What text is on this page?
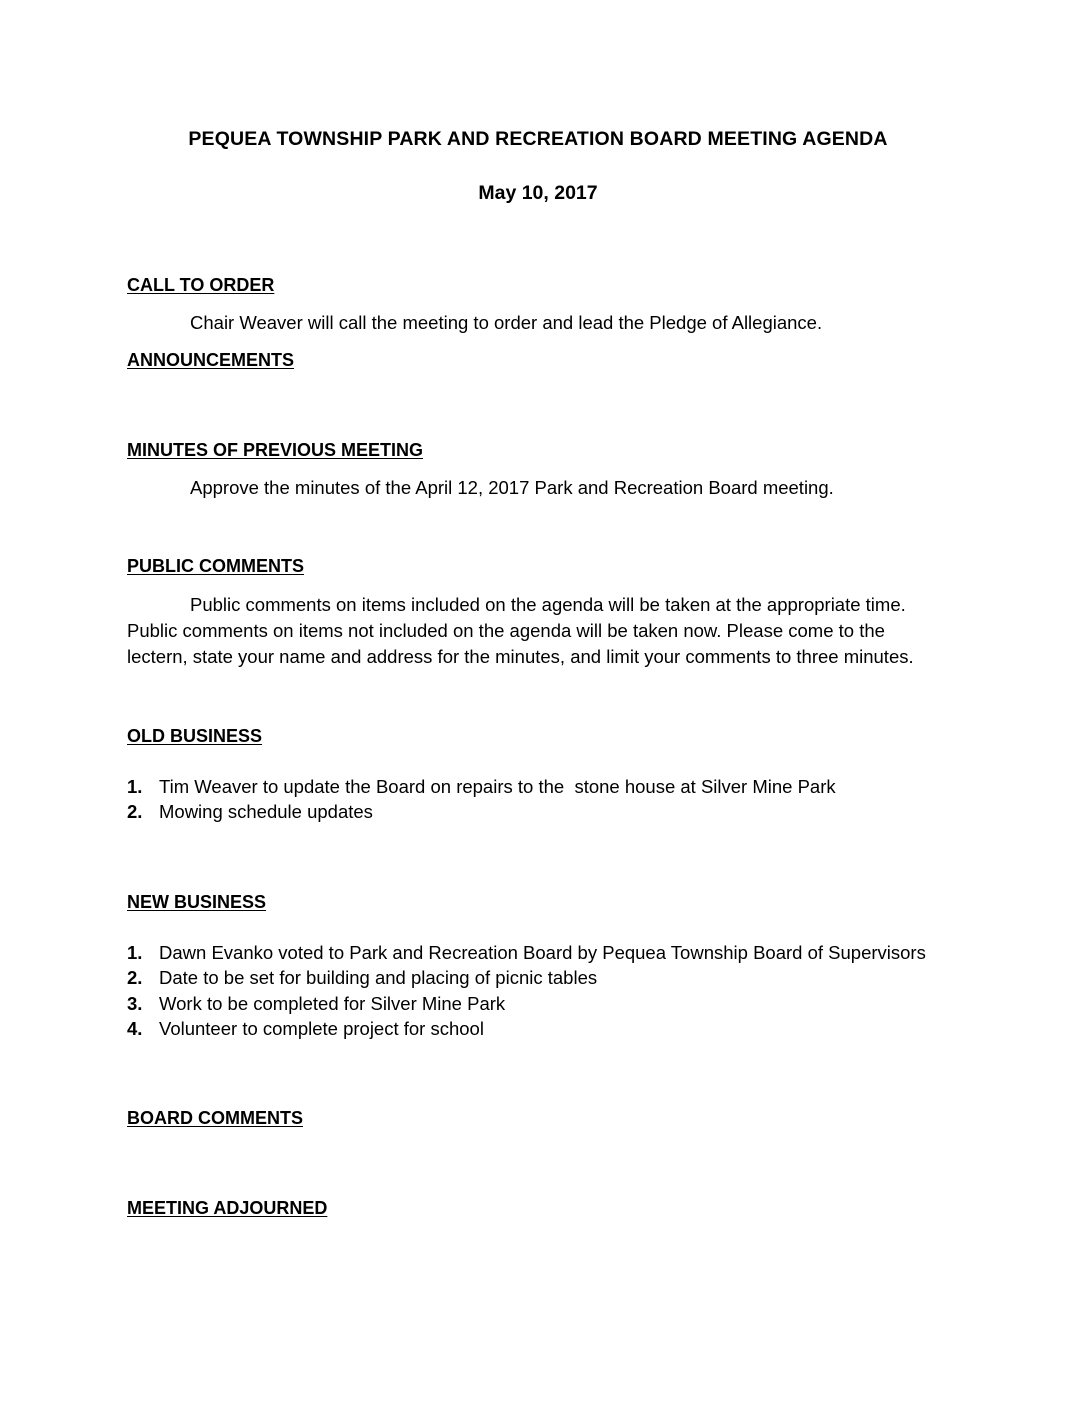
PEQUEA TOWNSHIP PARK AND RECREATION BOARD MEETING AGENDA
May 10, 2017
CALL TO ORDER

Chair Weaver will call the meeting to order and lead the Pledge of Allegiance.

ANNOUNCEMENTS
MINUTES OF PREVIOUS MEETING

Approve the minutes of the April 12, 2017 Park and Recreation Board meeting.

PUBLIC COMMENTS

Public comments on items included on the agenda will be taken at the appropriate time. Public comments on items not included on the agenda will be taken now. Please come to the lectern, state your name and address for the minutes, and limit your comments to three minutes.

OLD BUSINESS
1. Tim Weaver to update the Board on repairs to the  stone house at Silver Mine Park
2. Mowing schedule updates
NEW BUSINESS
1. Dawn Evanko voted to Park and Recreation Board by Pequea Township Board of Supervisors
2. Date to be set for building and placing of picnic tables
3. Work to be completed for Silver Mine Park
4. Volunteer to complete project for school
BOARD COMMENTS
MEETING ADJOURNED
